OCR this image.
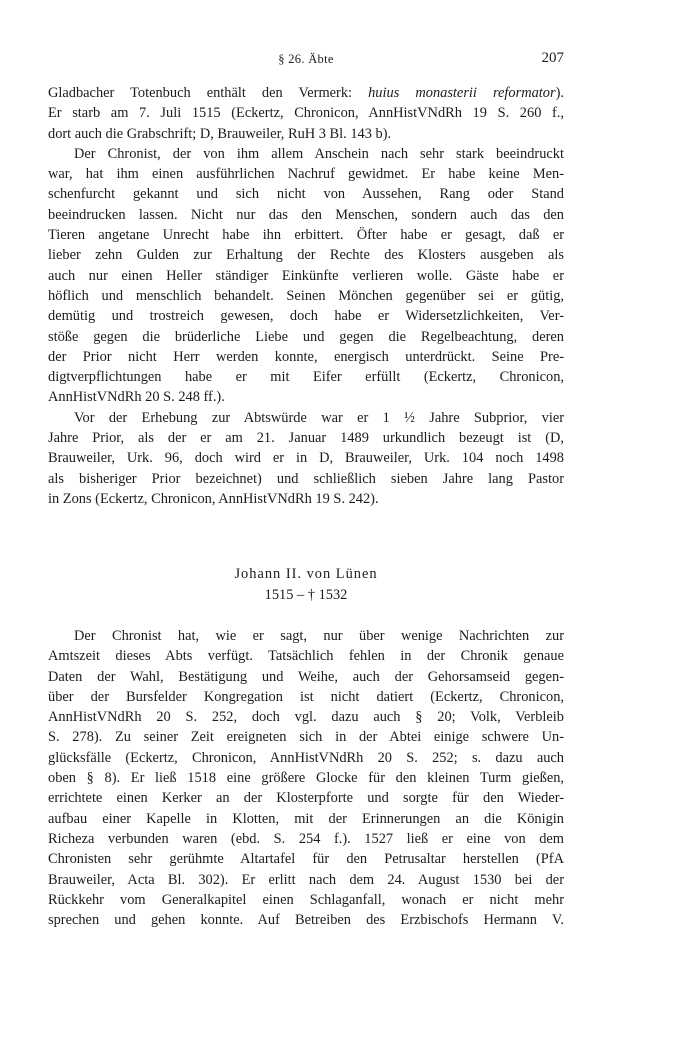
§ 26. Äbte	207
Gladbacher Totenbuch enthält den Vermerk: huius monasterii reformator).
Er starb am 7. Juli 1515 (Eckertz, Chronicon, AnnHistVNdRh 19 S. 260 f.,
dort auch die Grabschrift; D, Brauweiler, RuH 3 Bl. 143 b).
Der Chronist, der von ihm allem Anschein nach sehr stark beeindruckt
war, hat ihm einen ausführlichen Nachruf gewidmet. Er habe keine Men-
schenfurcht gekannt und sich nicht von Aussehen, Rang oder Stand
beeindrucken lassen. Nicht nur das den Menschen, sondern auch das den
Tieren angetane Unrecht habe ihn erbittert. Öfter habe er gesagt, daß er
lieber zehn Gulden zur Erhaltung der Rechte des Klosters ausgeben als
auch nur einen Heller ständiger Einkünfte verlieren wolle. Gäste habe er
höflich und menschlich behandelt. Seinen Mönchen gegenüber sei er gütig,
demütig und trostreich gewesen, doch habe er Widersetzlichkeiten, Ver-
stöße gegen die brüderliche Liebe und gegen die Regelbeachtung, deren
der Prior nicht Herr werden konnte, energisch unterdrückt. Seine Pre-
digtverpflichtungen habe er mit Eifer erfüllt (Eckertz, Chronicon,
AnnHistVNdRh 20 S. 248 ff.).
Vor der Erhebung zur Abtswürde war er 1 ½ Jahre Subprior, vier
Jahre Prior, als der er am 21. Januar 1489 urkundlich bezeugt ist (D,
Brauweiler, Urk. 96, doch wird er in D, Brauweiler, Urk. 104 noch 1498
als bisheriger Prior bezeichnet) und schließlich sieben Jahre lang Pastor
in Zons (Eckertz, Chronicon, AnnHistVNdRh 19 S. 242).
Johann II. von Lünen
1515 – † 1532
Der Chronist hat, wie er sagt, nur über wenige Nachrichten zur
Amtszeit dieses Abts verfügt. Tatsächlich fehlen in der Chronik genaue
Daten der Wahl, Bestätigung und Weihe, auch der Gehorsamseid gegen-
über der Bursfelder Kongregation ist nicht datiert (Eckertz, Chronicon,
AnnHistVNdRh 20 S. 252, doch vgl. dazu auch § 20; Volk, Verbleib
S. 278). Zu seiner Zeit ereigneten sich in der Abtei einige schwere Un-
glücksfälle (Eckertz, Chronicon, AnnHistVNdRh 20 S. 252; s. dazu auch
oben § 8). Er ließ 1518 eine größere Glocke für den kleinen Turm gießen,
errichtete einen Kerker an der Klosterpforte und sorgte für den Wieder-
aufbau einer Kapelle in Klotten, mit der Erinnerungen an die Königin
Richeza verbunden waren (ebd. S. 254 f.). 1527 ließ er eine von dem
Chronisten sehr gerühmte Altartafel für den Petrusaltar herstellen (PfA
Brauweiler, Acta Bl. 302). Er erlitt nach dem 24. August 1530 bei der
Rückkehr vom Generalkapitel einen Schlaganfall, wonach er nicht mehr
sprechen und gehen konnte. Auf Betreiben des Erzbischofs Hermann V.
